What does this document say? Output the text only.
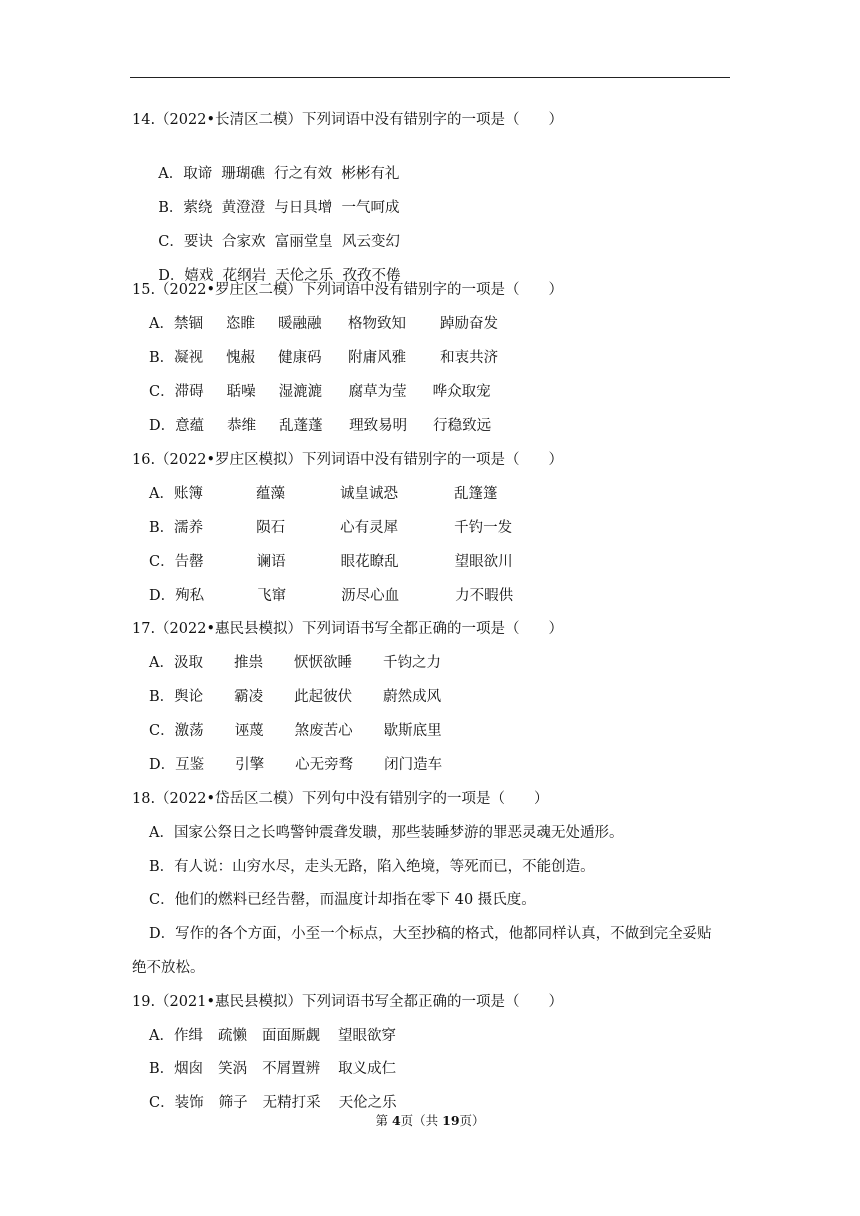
14.（2022•长清区二模）下列词语中没有错别字的一项是（　　）

A．取谛 珊瑚礁 行之有效 彬彬有礼

B．萦绕 黄澄澄 与日具增 一气呵成

C．要诀 合家欢 富丽堂皇 风云变幻

D．嬉戏 花纲岩 天伦之乐 孜孜不倦

15.（2022•罗庄区二模）下列词语中没有错别字的一项是（　　）
A．禁锢 恣睢 暖融融 格物致知 踔励奋发
B．凝视 愧赧 健康码 附庸风雅 和衷共济
C．滞碍 聒噪 湿漉漉 腐草为莹 哗众取宠
D．意蕴 恭维 乱蓬蓬 理致易明 行稳致远
16.（2022•罗庄区模拟）下列词语中没有错别字的一项是（　　）
A．账簿	蕴藻	诚皇诚恐	乱篷篷
B．濡养	陨石	心有灵犀	千钓一发
C．告罄	谰语	眼花瞭乱	望眼欲川
D．殉私	飞窜	沥尽心血	力不暇供
17.（2022•惠民县模拟）下列词语书写全都正确的一项是（　　）
A．汲取 推祟 恹恹欲睡 千钧之力
B．舆论 霸凌 此起彼伏 蔚然成风
C．激荡 诬蔑 煞废苦心 歇斯底里
D．互鉴 引擎 心无旁骛 闭门造车
18.（2022•岱岳区二模）下列句中没有错别字的一项是（　　）
A．国家公祭日之长鸣警钟震聋发聩，那些装睡梦游的罪恶灵魂无处遁形。
B．有人说：山穷水尽，走头无路，陷入绝境，等死而已，不能创造。
C．他们的燃料已经告罄，而温度计却指在零下 40 摄氏度。
D．写作的各个方面，小至一个标点，大至抄稿的格式，他都同样认真，不做到完全妥贴
绝不放松。
19.（2021•惠民县模拟）下列词语书写全都正确的一项是（　　）
A．作缉 疏懒 面面厮觑 望眼欲穿
B．烟囱 笑涡 不屑置辨 取义成仁
C．装饰 筛子 无精打采 天伦之乐
第 4页（共 19页）
